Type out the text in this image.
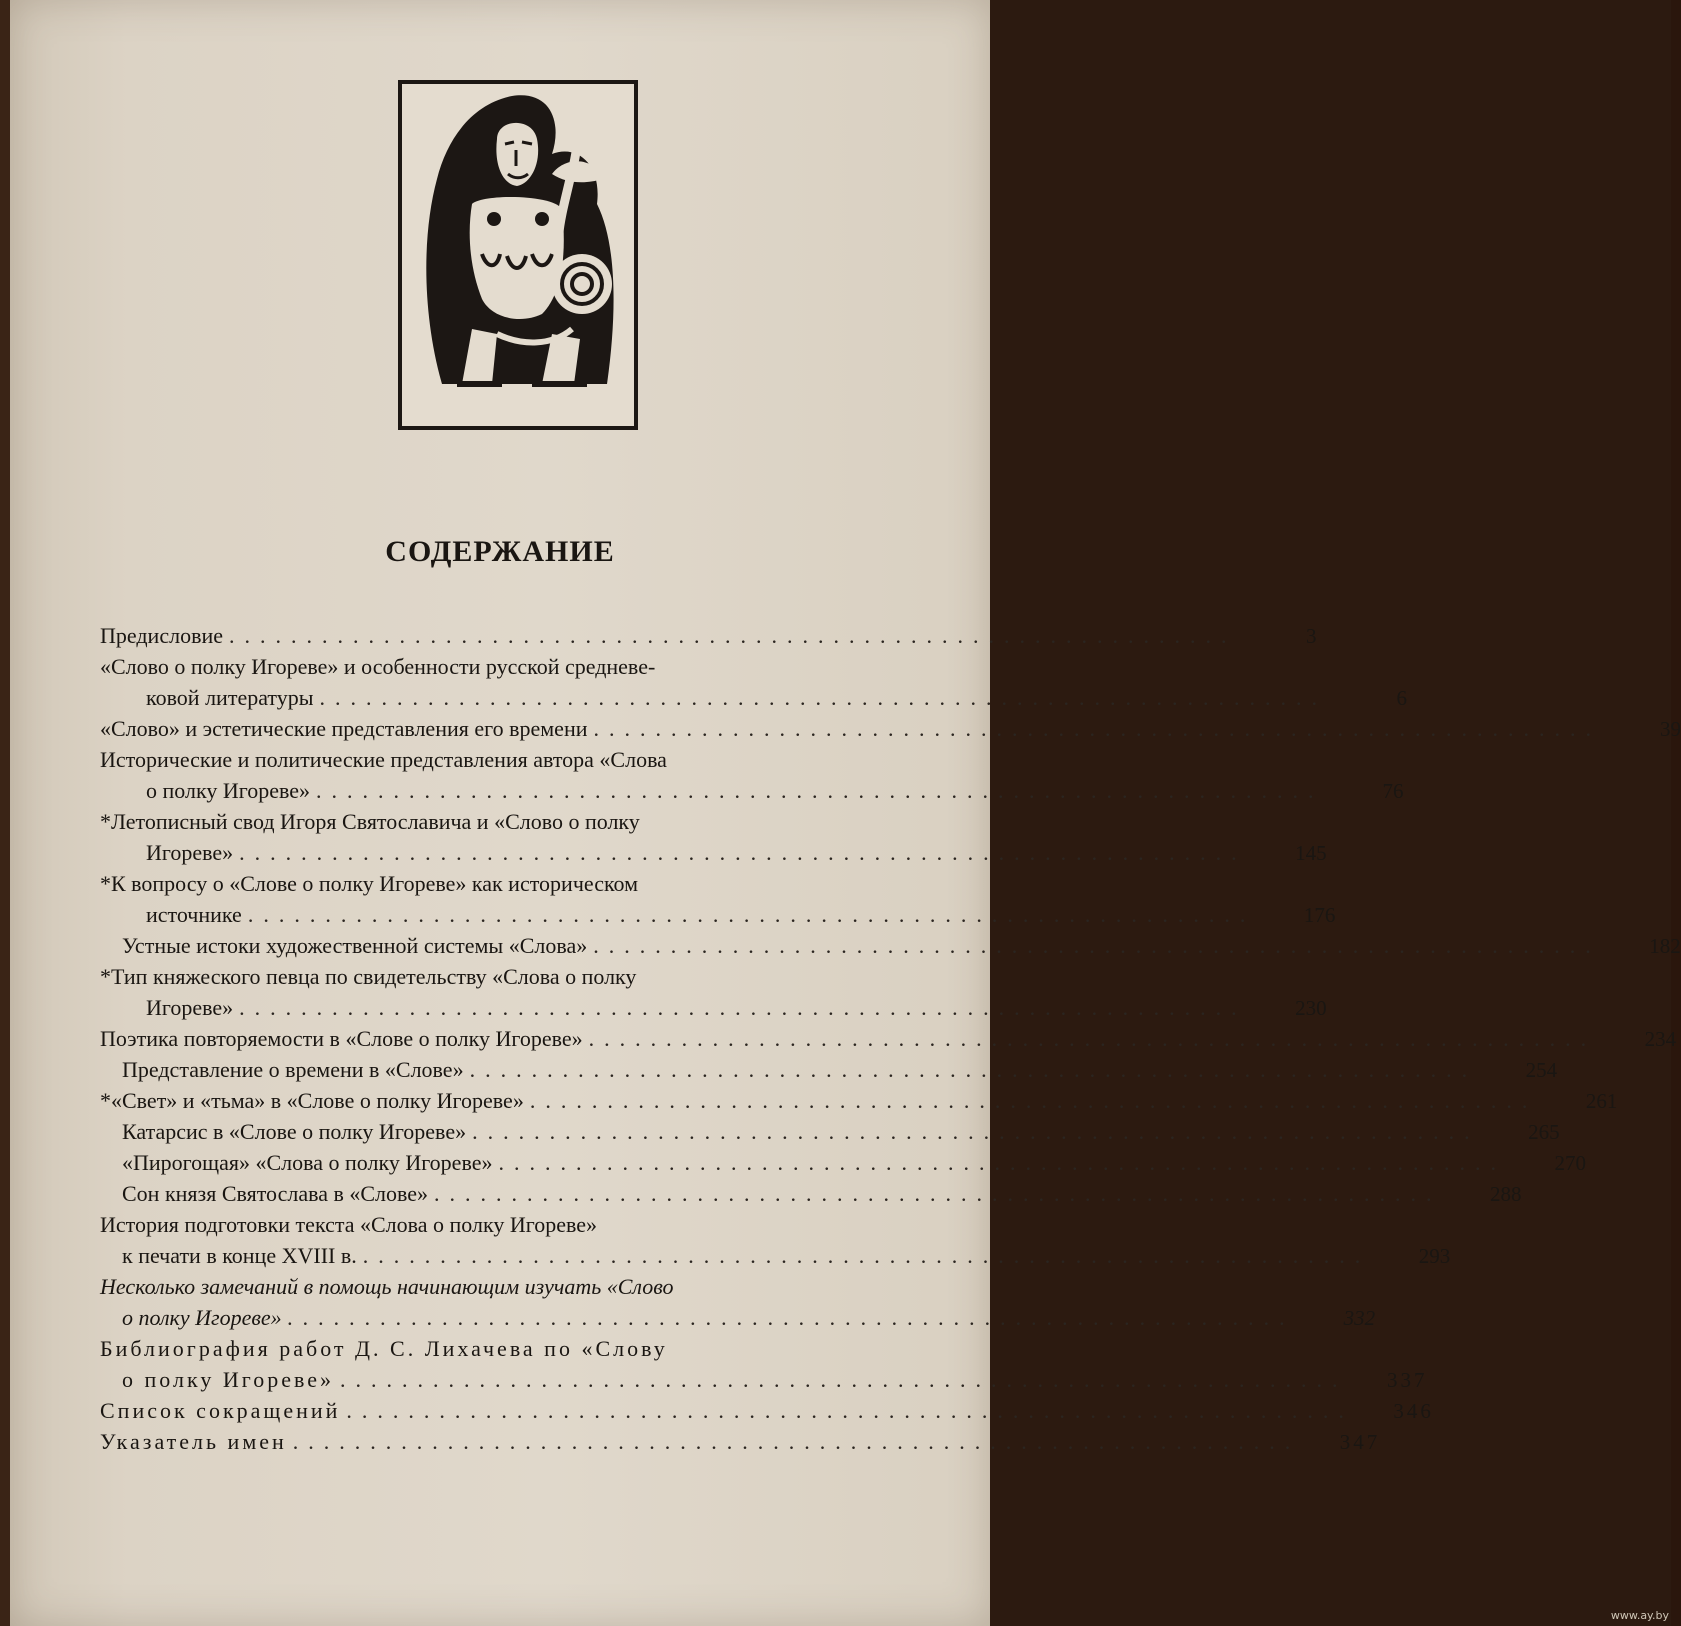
СОДЕРЖАНИЕ
Предисловие .................................................................	3
«Слово о полку Игореве» и особенности русской средневе-
ковой литературы .................................................................	6
«Слово» и эстетические представления его времени .................................................................	39
Исторические и политические представления автора «Слова
о полку Игореве» .................................................................	76
*Летописный свод Игоря Святославича и «Слово о полку
Игореве» .................................................................	145
*К вопросу о «Слове о полку Игореве» как историческом
источнике .................................................................	176
Устные истоки художественной системы «Слова» .................................................................	182
*Тип княжеского певца по свидетельству «Слова о полку
Игореве» .................................................................	230
Поэтика повторяемости в «Слове о полку Игореве» .................................................................	234
Представление о времени в «Слове» .................................................................	254
*«Свет» и «тьма» в «Слове о полку Игореве» .................................................................	261
Катарсис в «Слове о полку Игореве» .................................................................	265
«Пирогощая» «Слова о полку Игореве» .................................................................	270
Сон князя Святослава в «Слове» .................................................................	288
История подготовки текста «Слова о полку Игореве»
к печати в конце XVIII в. .................................................................	293
Несколько замечаний в помощь начинающим изучать «Слово
о полку Игореве» .................................................................	332
Библиография работ Д. С. Лихачева по «Слову
о полку Игореве» .................................................................	337
Список сокращений .................................................................	346
Указатель имен .................................................................	347
www.ay.by
